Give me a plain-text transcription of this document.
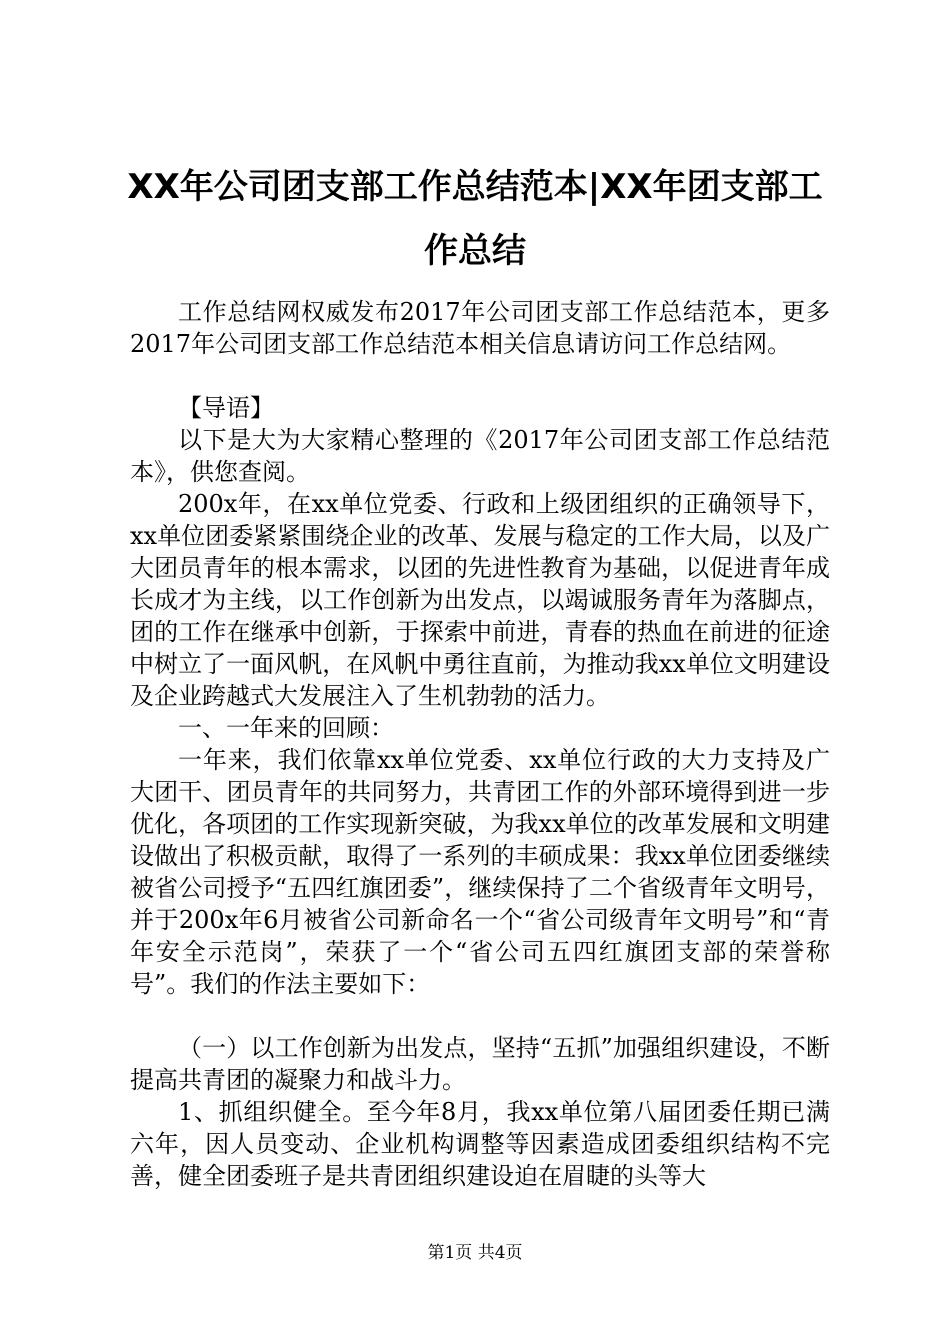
XX年公司团支部工作总结范本|XX年团支部工作总结

工作总结网权威发布2017年公司团支部工作总结范本，更多2017年公司团支部工作总结范本相关信息请访问工作总结网。

【导语】

以下是大为大家精心整理的《2017年公司团支部工作总结范本》，供您查阅。

200x年，在xx单位党委、行政和上级团组织的正确领导下，xx单位团委紧紧围绕企业的改革、发展与稳定的工作大局，以及广大团员青年的根本需求，以团的先进性教育为基础，以促进青年成长成才为主线，以工作创新为出发点，以竭诚服务青年为落脚点，团的工作在继承中创新，于探索中前进，青春的热血在前进的征途中树立了一面风帆，在风帆中勇往直前，为推动我xx单位文明建设及企业跨越式大发展注入了生机勃勃的活力。

一、一年来的回顾：

一年来，我们依靠xx单位党委、xx单位行政的大力支持及广大团干、团员青年的共同努力，共青团工作的外部环境得到进一步优化，各项团的工作实现新突破，为我xx单位的改革发展和文明建设做出了积极贡献，取得了一系列的丰硕成果：我xx单位团委继续被省公司授予“五四红旗团委”，继续保持了二个省级青年文明号，并于200x年6月被省公司新命名一个“省公司级青年文明号”和“青年安全示范岗”，荣获了一个“省公司五四红旗团支部的荣誉称号”。我们的作法主要如下：

（一）以工作创新为出发点，坚持“五抓”加强组织建设，不断提高共青团的凝聚力和战斗力。

1、抓组织健全。至今年8月，我xx单位第八届团委任期已满六年，因人员变动、企业机构调整等因素造成团委组织结构不完善，健全团委班子是共青团组织建设迫在眉睫的头等大

第1页 共4页
